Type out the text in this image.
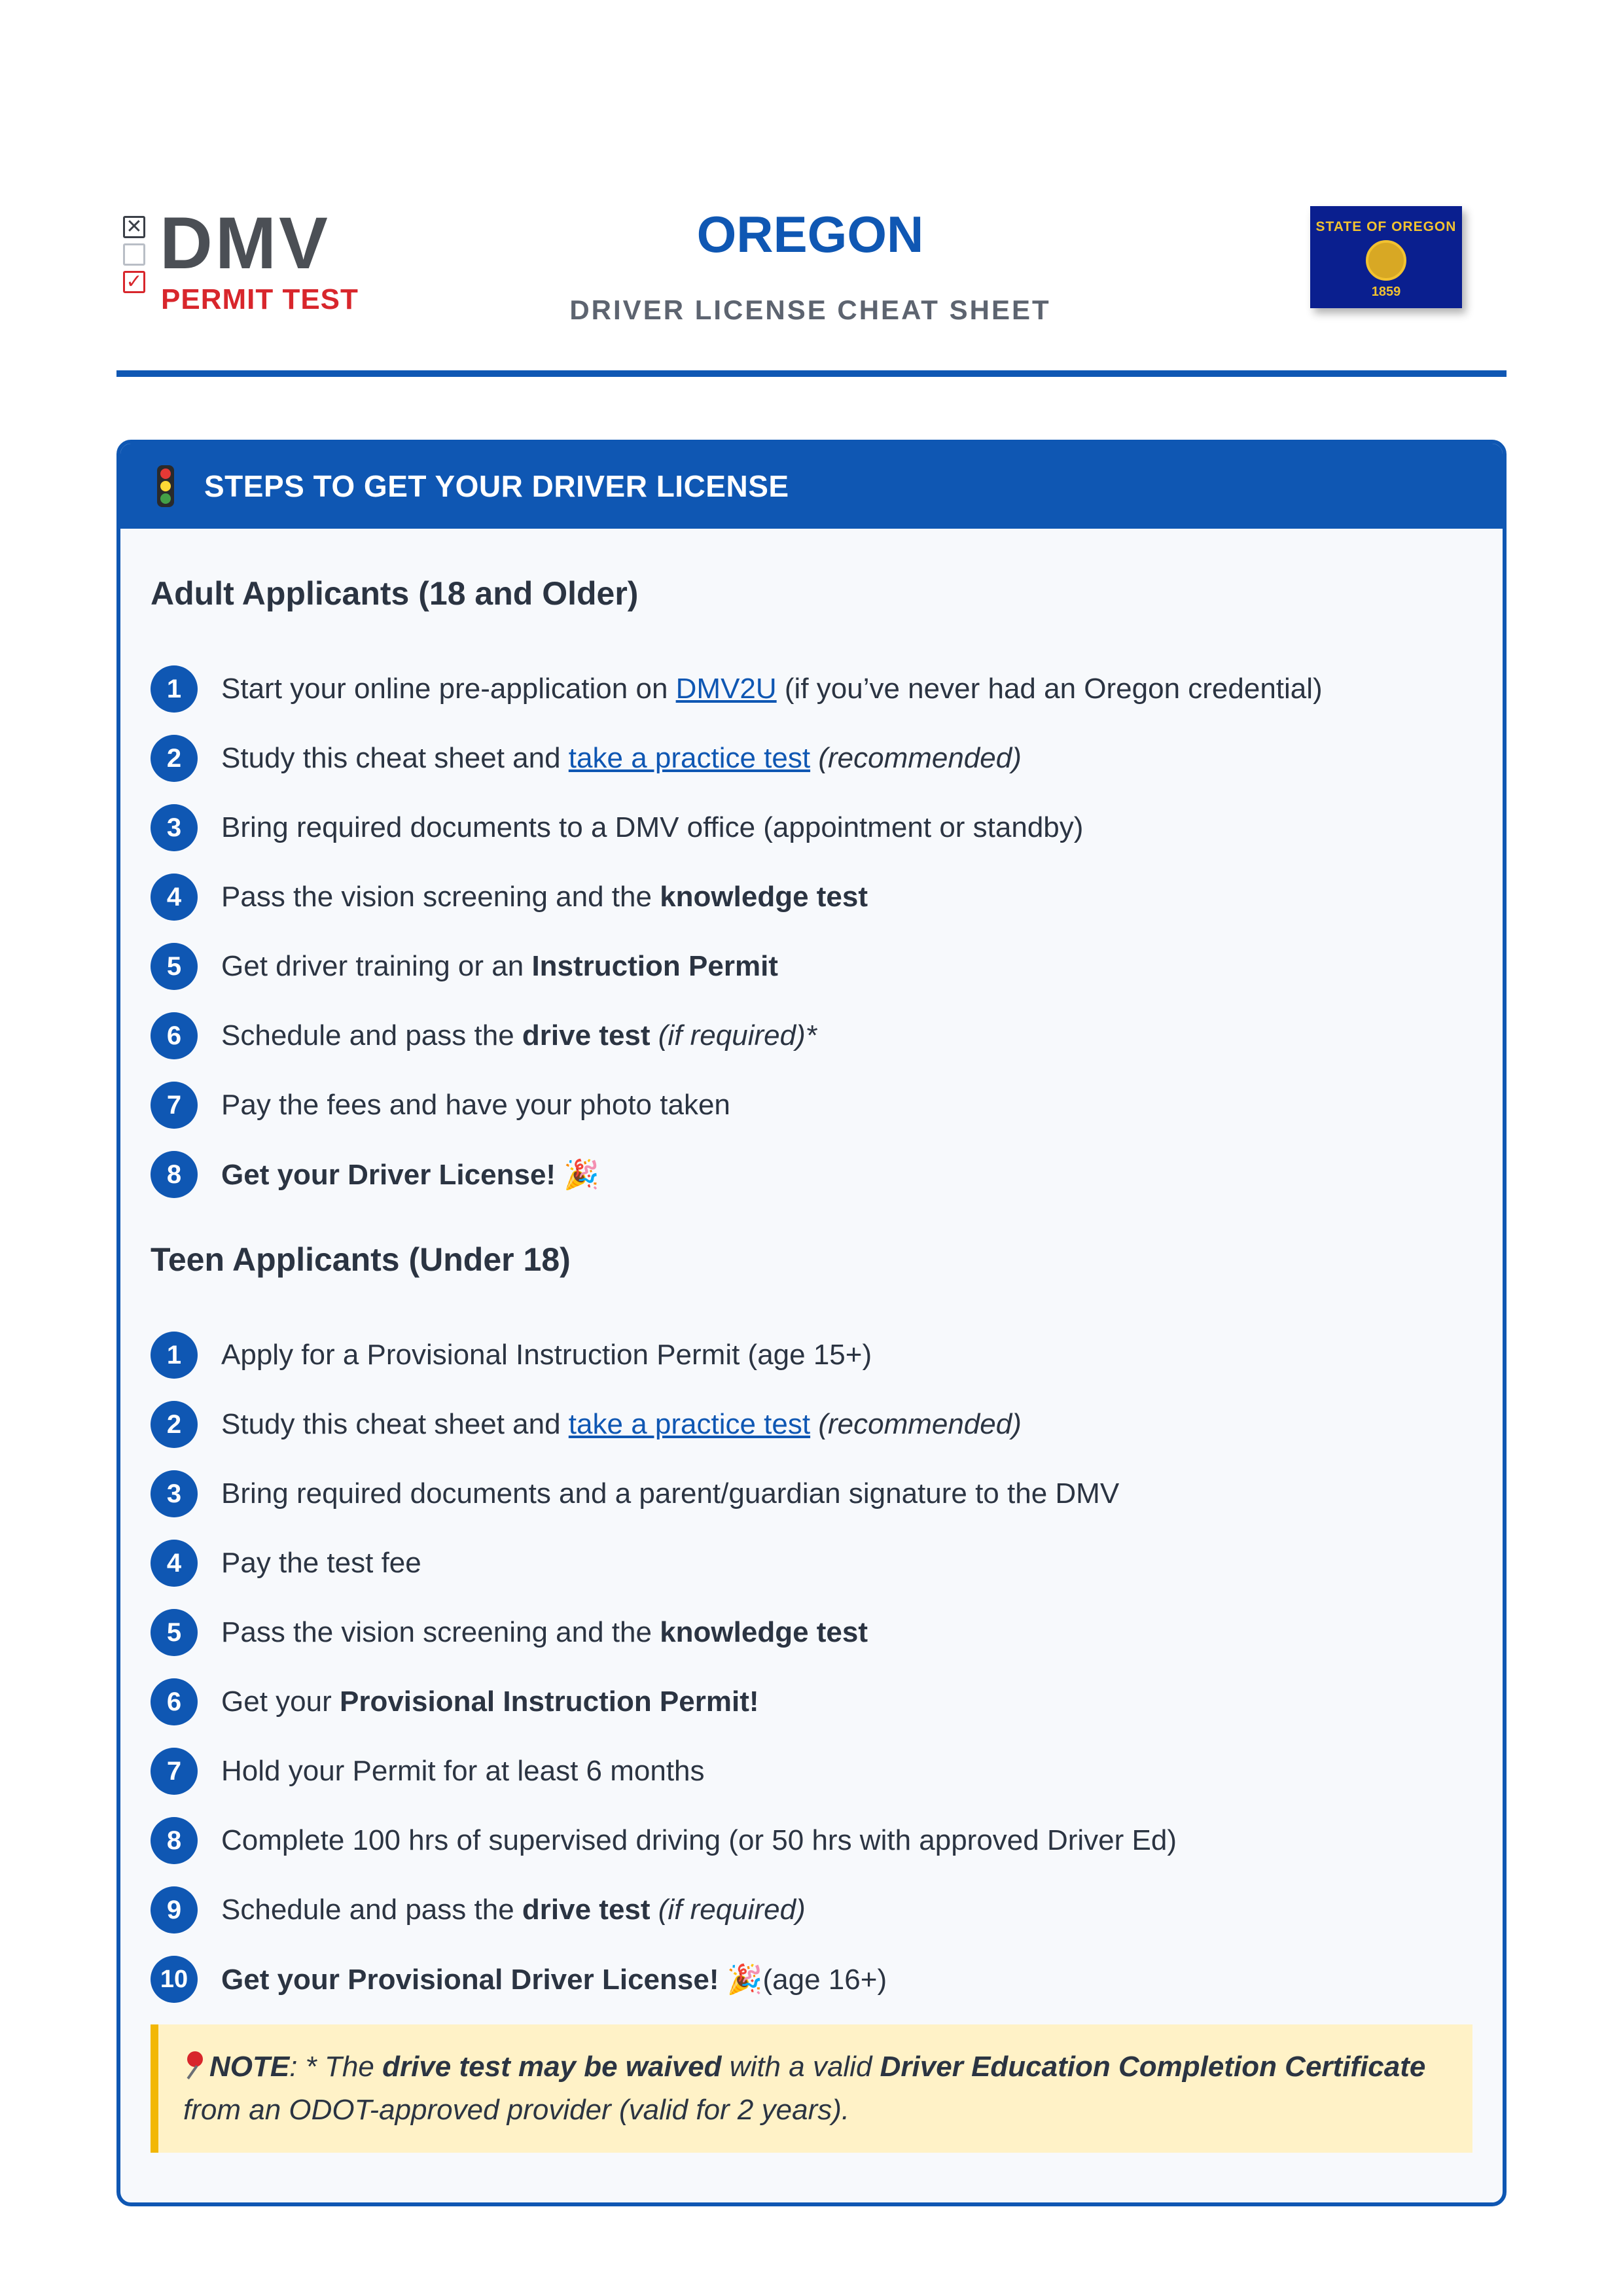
✕
✓ DMV
PERMIT TEST
OREGON
DRIVER LICENSE CHEAT SHEET
STATE OF OREGON
1859
STEPS TO GET YOUR DRIVER LICENSE
Adult Applicants (18 and Older)
1	Start your online pre-application on DMV2U (if you’ve never had an Oregon credential)
2	Study this cheat sheet and take a practice test (recommended)
3	Bring required documents to a DMV office (appointment or standby)
4	Pass the vision screening and the knowledge test
5	Get driver training or an Instruction Permit
6	Schedule and pass the drive test (if required)*
7	Pay the fees and have your photo taken
8	Get your Driver License! 🎉
Teen Applicants (Under 18)
1	Apply for a Provisional Instruction Permit (age 15+)
2	Study this cheat sheet and take a practice test (recommended)
3	Bring required documents and a parent/guardian signature to the DMV
4	Pay the test fee
5	Pass the vision screening and the knowledge test
6	Get your Provisional Instruction Permit!
7	Hold your Permit for at least 6 months
8	Complete 100 hrs of supervised driving (or 50 hrs with approved Driver Ed)
9	Schedule and pass the drive test (if required)
10	Get your Provisional Driver License! 🎉(age 16+)
NOTE: * The drive test may be waived with a valid Driver Education Completion Certificate from an ODOT-approved provider (valid for 2 years).
